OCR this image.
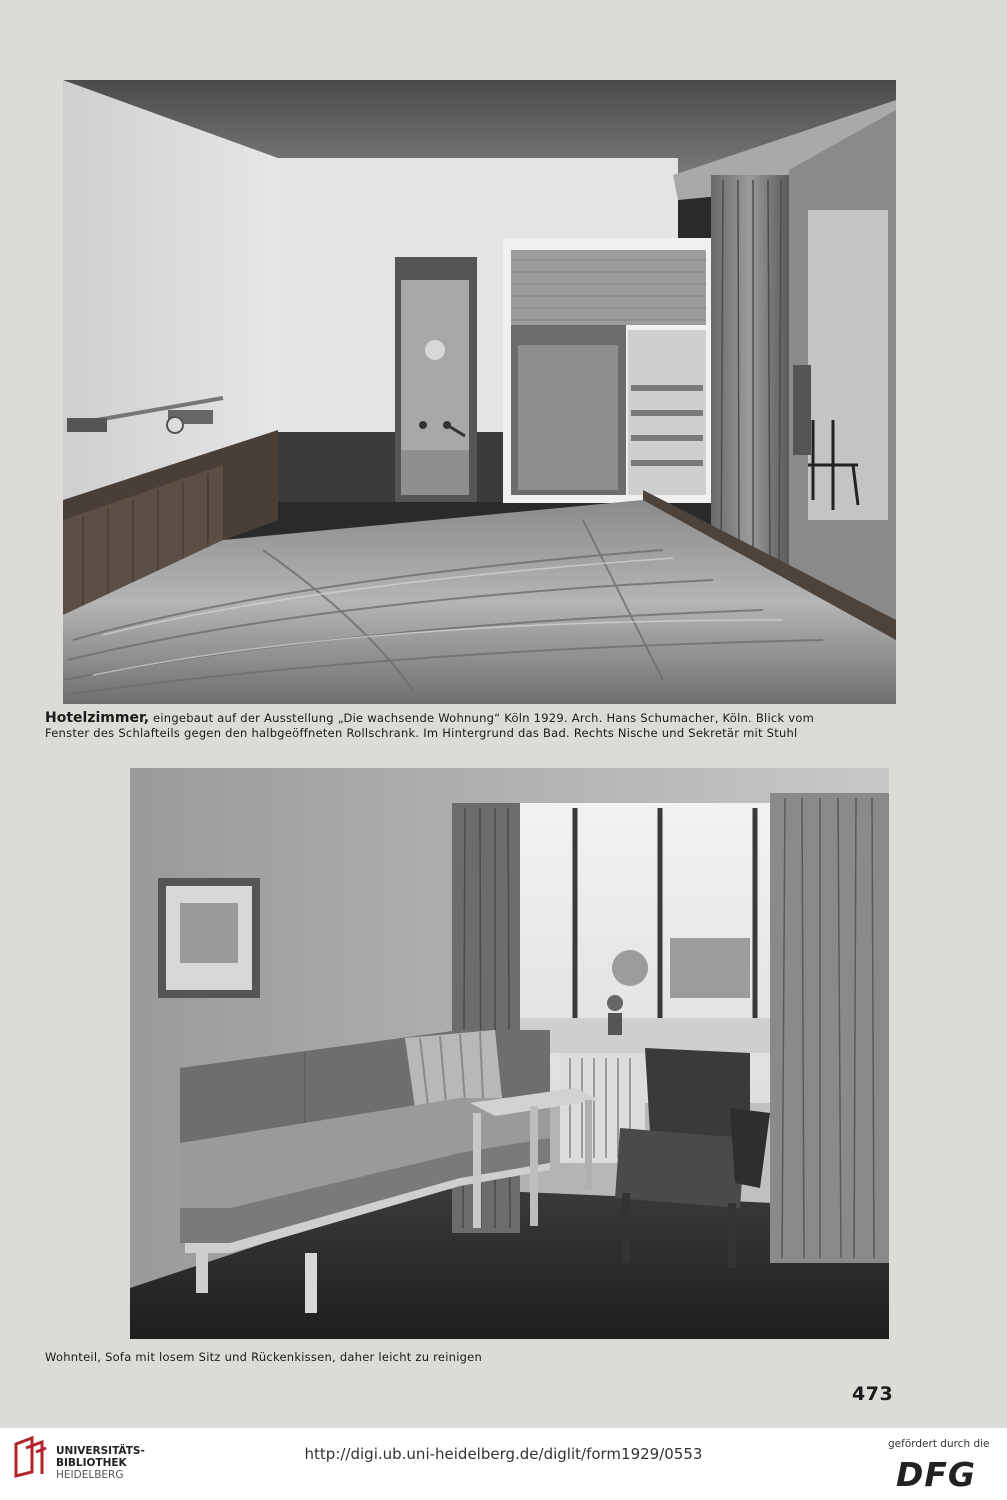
Hotelzimmer, eingebaut auf der Ausstellung „Die wachsende Wohnung“ Köln 1929. Arch. Hans Schumacher, Köln. Blick vom
Fenster des Schlafteils gegen den halbgeöffneten Rollschrank. Im Hintergrund das Bad. Rechts Nische und Sekretär mit Stuhl
Wohnteil, Sofa mit losem Sitz und Rückenkissen, daher leicht zu reinigen
473
UNIVERSITÄTS-
BIBLIOTHEK
HEIDELBERG
http://digi.ub.uni-heidelberg.de/diglit/form1929/0553
gefördert durch die
DFG
